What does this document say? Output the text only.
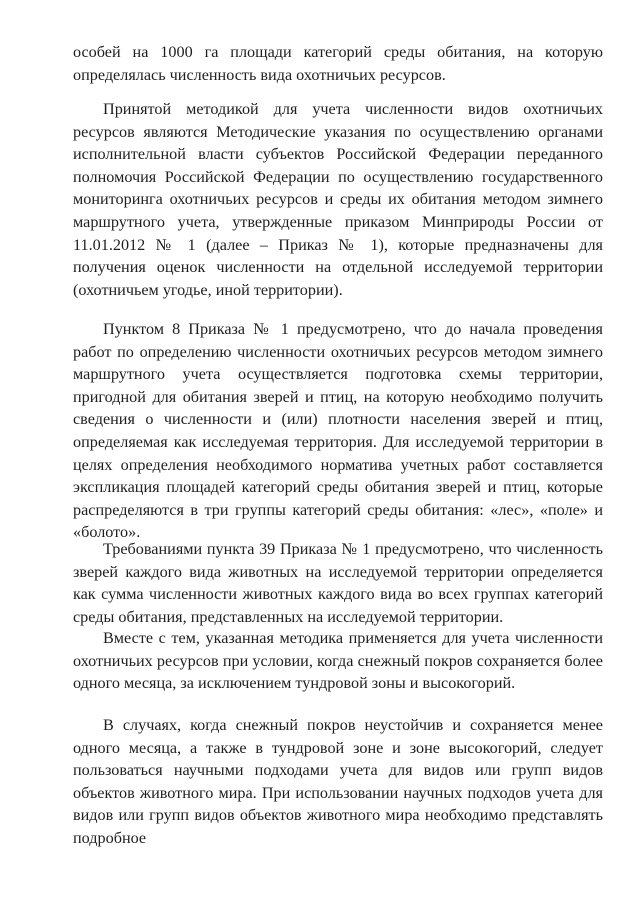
особей на 1000 га площади категорий среды обитания, на которую определялась численность вида охотничьих ресурсов.

Принятой методикой для учета численности видов охотничьих ресурсов являются Методические указания по осуществлению органами исполнительной власти субъектов Российской Федерации переданного полномочия Российской Федерации по осуществлению государственного мониторинга охотничьих ресурсов и среды их обитания методом зимнего маршрутного учета, утвержденные приказом Минприроды России от 11.01.2012 № 1 (далее – Приказ № 1), которые предназначены для получения оценок численности на отдельной исследуемой территории (охотничьем угодье, иной территории).

Пунктом 8 Приказа № 1 предусмотрено, что до начала проведения работ по определению численности охотничьих ресурсов методом зимнего маршрутного учета осуществляется подготовка схемы территории, пригодной для обитания зверей и птиц, на которую необходимо получить сведения о численности и (или) плотности населения зверей и птиц, определяемая как исследуемая территория. Для исследуемой территории в целях определения необходимого норматива учетных работ составляется экспликация площадей категорий среды обитания зверей и птиц, которые распределяются в три группы категорий среды обитания: «лес», «поле» и «болото».

Требованиями пункта 39 Приказа № 1 предусмотрено, что численность зверей каждого вида животных на исследуемой территории определяется как сумма численности животных каждого вида во всех группах категорий среды обитания, представленных на исследуемой территории.

Вместе с тем, указанная методика применяется для учета численности охотничьих ресурсов при условии, когда снежный покров сохраняется более одного месяца, за исключением тундровой зоны и высокогорий.

В случаях, когда снежный покров неустойчив и сохраняется менее одного месяца, а также в тундровой зоне и зоне высокогорий, следует пользоваться научными подходами учета для видов или групп видов объектов животного мира. При использовании научных подходов учета для видов или групп видов объектов животного мира необходимо представлять подробное
